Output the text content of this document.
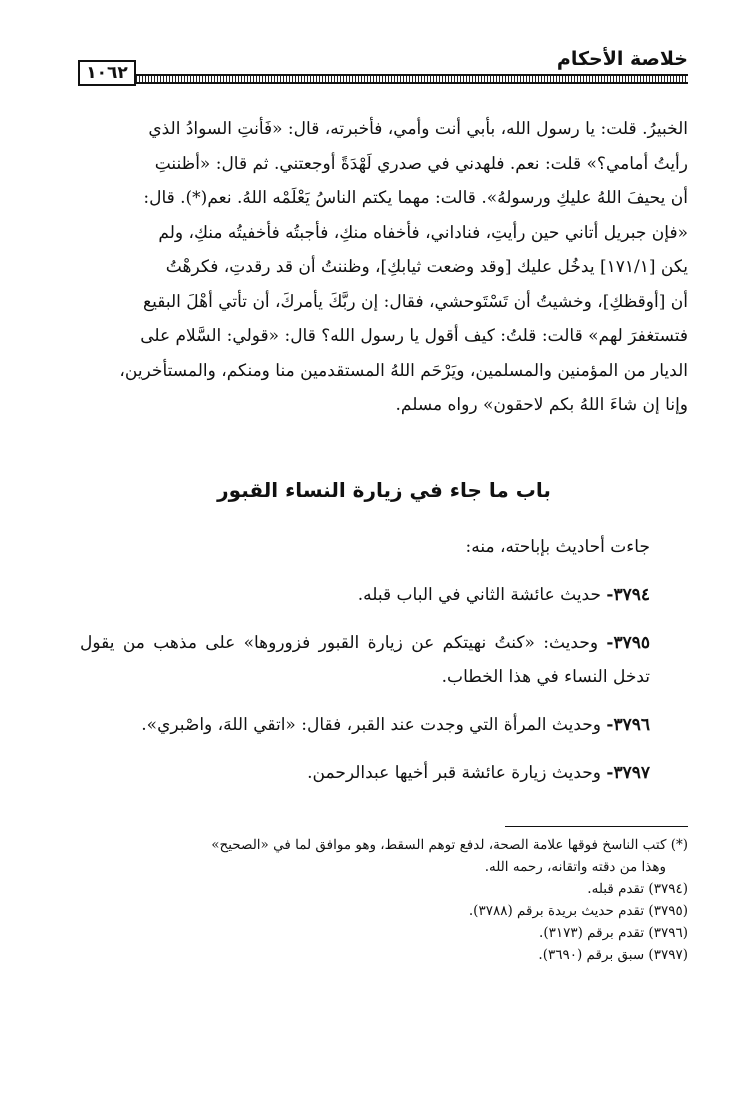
خلاصة الأحكام
١٠٦٢

الخبيرُ. قلت: يا رسول الله، بأبي أنت وأمي، فأخبرته، قال: «فَأنتِ السوادُ الذي

رأيتُ أمامي؟» قلت: نعم. فلهدني في صدري لَهْدَةً أوجعتني. ثم قال: «أظننتِ

أن يحيفَ اللهُ عليكِ ورسولهُ». قالت: مهما يكتم الناسُ يَعْلَمْه اللهُ. نعم(*). قال:

«فإن جبريل أتاني حين رأيتِ، فناداني، فأخفاه منكِ، فأجبتُه فأخفيتُه منكِ، ولم

يكن [١٧١/١] يدخُل عليك [وقد وضعت ثيابكِ]، وظننتُ أن قد رقدتِ، فكرهْتُ

أن [أوقظكِ]، وخشيتُ أن تَسْتَوحشي، فقال: إن ربَّكَ يأمركَ، أن تأتي أهْلَ البقيع

فتستغفرَ لهم» قالت: قلتُ: كيف أقول يا رسول الله؟ قال: «قولي: السَّلام على

الديار من المؤمنين والمسلمين، ويَرْحَم اللهُ المستقدمين منا ومنكم، والمستأخرين،

وإنا إن شاءَ اللهُ بكم لاحقون» رواه مسلم.

باب ما جاء في زيارة النساء القبور

جاءت أحاديث بإباحته، منه:

٣٧٩٤- حديث عائشة الثاني في الباب قبله.

٣٧٩٥- وحديث: «كنتُ نهيتكم عن زيارة القبور فزوروها» على مذهب من يقول تدخل النساء في هذا الخطاب.

٣٧٩٦- وحديث المرأة التي وجدت عند القبر، فقال: «اتقي اللهَ، واصْبري».

٣٧٩٧- وحديث زيارة عائشة قبر أخيها عبدالرحمن.

(*) كتب الناسخ فوقها علامة الصحة، لدفع توهم السقط، وهو موافق لما في «الصحيح»

وهذا من دقته واتقانه، رحمه الله.

(٣٧٩٤) تقدم قبله.

(٣٧٩٥) تقدم حديث بريدة برقم (٣٧٨٨).

(٣٧٩٦) تقدم برقم (٣١٧٣).

(٣٧٩٧) سبق برقم (٣٦٩٠).
